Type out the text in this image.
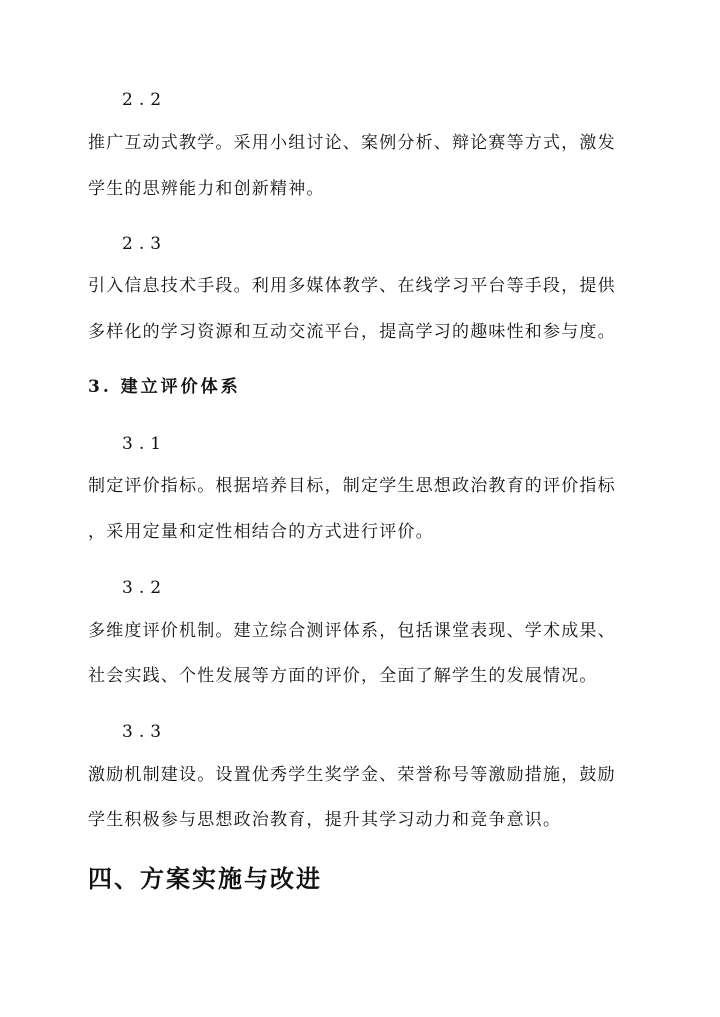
2.2
推广互动式教学。采用小组讨论、案例分析、辩论赛等方式，激发
学生的思辨能力和创新精神。
2.3
引入信息技术手段。利用多媒体教学、在线学习平台等手段，提供
多样化的学习资源和互动交流平台，提高学习的趣味性和参与度。
3. 建立评价体系
3.1
制定评价指标。根据培养目标，制定学生思想政治教育的评价指标
，采用定量和定性相结合的方式进行评价。
3.2
多维度评价机制。建立综合测评体系，包括课堂表现、学术成果、
社会实践、个性发展等方面的评价，全面了解学生的发展情况。
3.3
激励机制建设。设置优秀学生奖学金、荣誉称号等激励措施，鼓励
学生积极参与思想政治教育，提升其学习动力和竞争意识。
四、方案实施与改进
